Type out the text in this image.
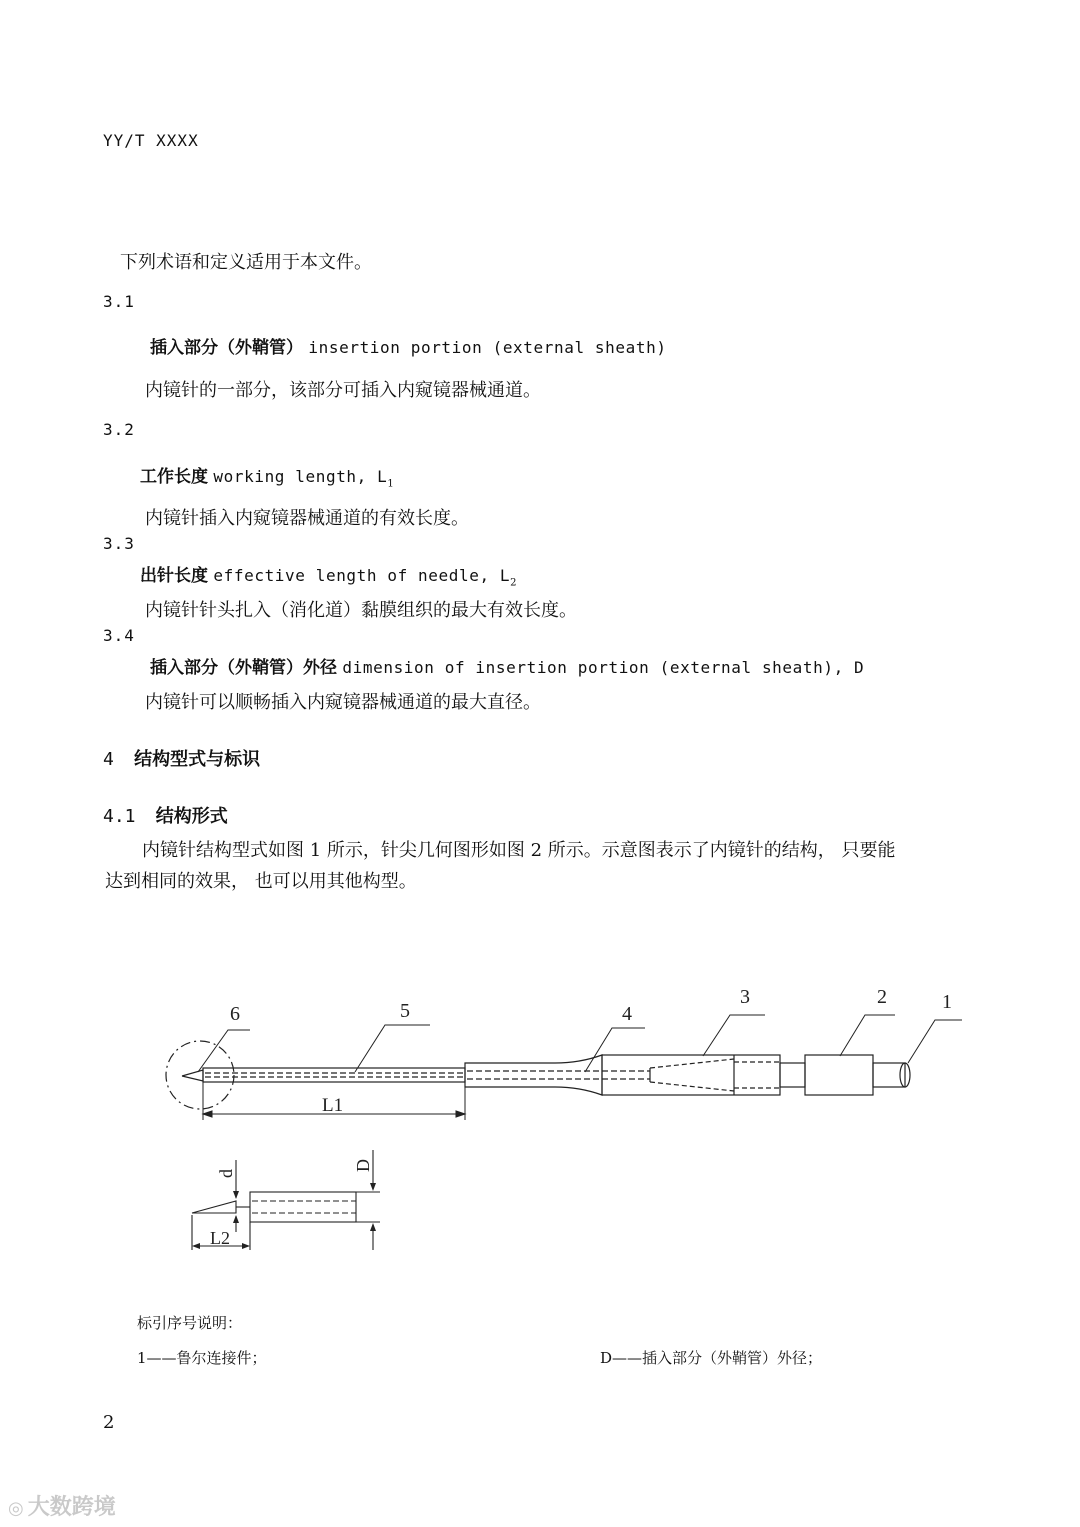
YY/T XXXX
下列术语和定义适用于本文件。
3.1
插入部分（外鞘管） insertion portion (external sheath)
内镜针的一部分，该部分可插入内窥镜器械通道。
3.2
工作长度 working length, $L_1$
内镜针插入内窥镜器械通道的有效长度。
3.3
出针长度 effective length of needle, $L_2$
内镜针针头扎入（消化道）黏膜组织的最大有效长度。
3.4
插入部分（外鞘管）外径 dimension of insertion portion (external sheath), D
内镜针可以顺畅插入内窥镜器械通道的最大直径。
4 结构型式与标识
4.1 结构形式
内镜针结构型式如图 1 所示，针尖几何图形如图 2 所示。示意图表示了内镜针的结构， 只要能
达到相同的效果， 也可以用其他构型。
6	5	4
3	2	1
L1
d
D
L2
标引序号说明：
1——鲁尔连接件；	D——插入部分（外鞘管）外径；
2
◎ 大数跨境
